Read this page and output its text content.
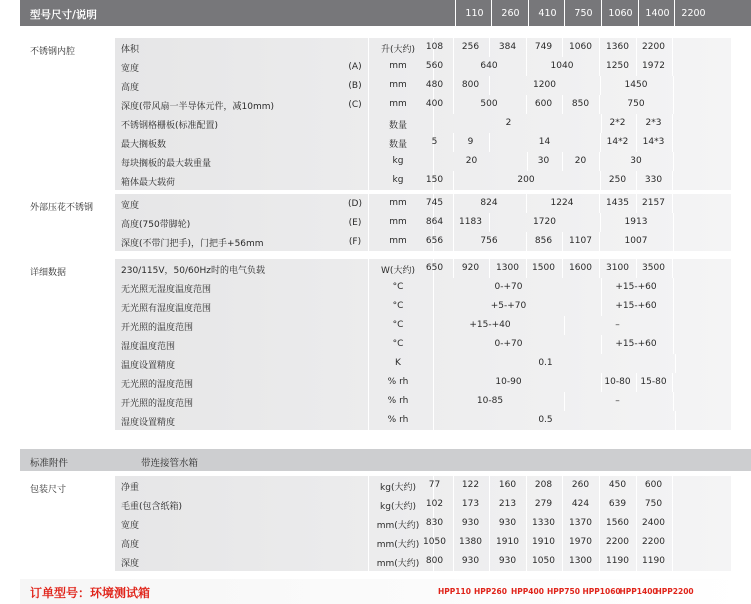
型号尺寸/说明	110	260	410	750	1060	1400	2200
不锈钢内腔	体积	升(大约)	108	256	384	749	1060	1360	2200
宽度	(A)	mm	560	640	1040	1250	1972
高度	(B)	mm	480	800	1200	1450
深度(带风扇一半导体元件，减10mm)	(C)	mm	400	500	600	850	750
不锈钢格栅板(标准配置)	数量	2	2*2	2*3
最大搁板数	数量	5	9	14	14*2	14*3
每块搁板的最大载重量	kg	20	30	20	30
箱体最大载荷	kg	150	200	250	330
外部压花不锈钢	宽度	(D)	mm	745	824	1224	1435	2157
高度(750带脚轮)	(E)	mm	864	1183	1720	1913
深度(不带门把手)，门把手+56mm	(F)	mm	656	756	856	1107	1007
详细数据	230/115V，50/60Hz时的电气负载	W(大约)	650	920	1300	1500	1600	3100	3500
无光照无湿度温度范围	°C	0-+70	+15-+60
无光照有湿度温度范围	°C	+5-+70	+15-+60
开光照的温度范围	°C	+15-+40	–
湿度温度范围	°C	0-+70	+15-+60
温度设置精度	K	0.1
无光照的湿度范围	% rh	10-90	10-80	15-80
开光照的湿度范围	% rh	10-85	–
湿度设置精度	% rh	0.5
标准附件	带连接管水箱
包装尺寸	净重	kg(大约)	77	122	160	208	260	450	600
毛重(包含纸箱)	kg(大约)	102	173	213	279	424	639	750
宽度	mm(大约) 830	930	930	1330	1370	1560	2400
高度	mm(大约) 1050	1380	1910	1910	1970	2200	2200
深度	mm(大约) 800	930	930	1050	1300	1190	1190
订单型号：环境测试箱	HPP110 HPP260 HPP400 HPP750 HPP1060
HPP1400
HPP2200
